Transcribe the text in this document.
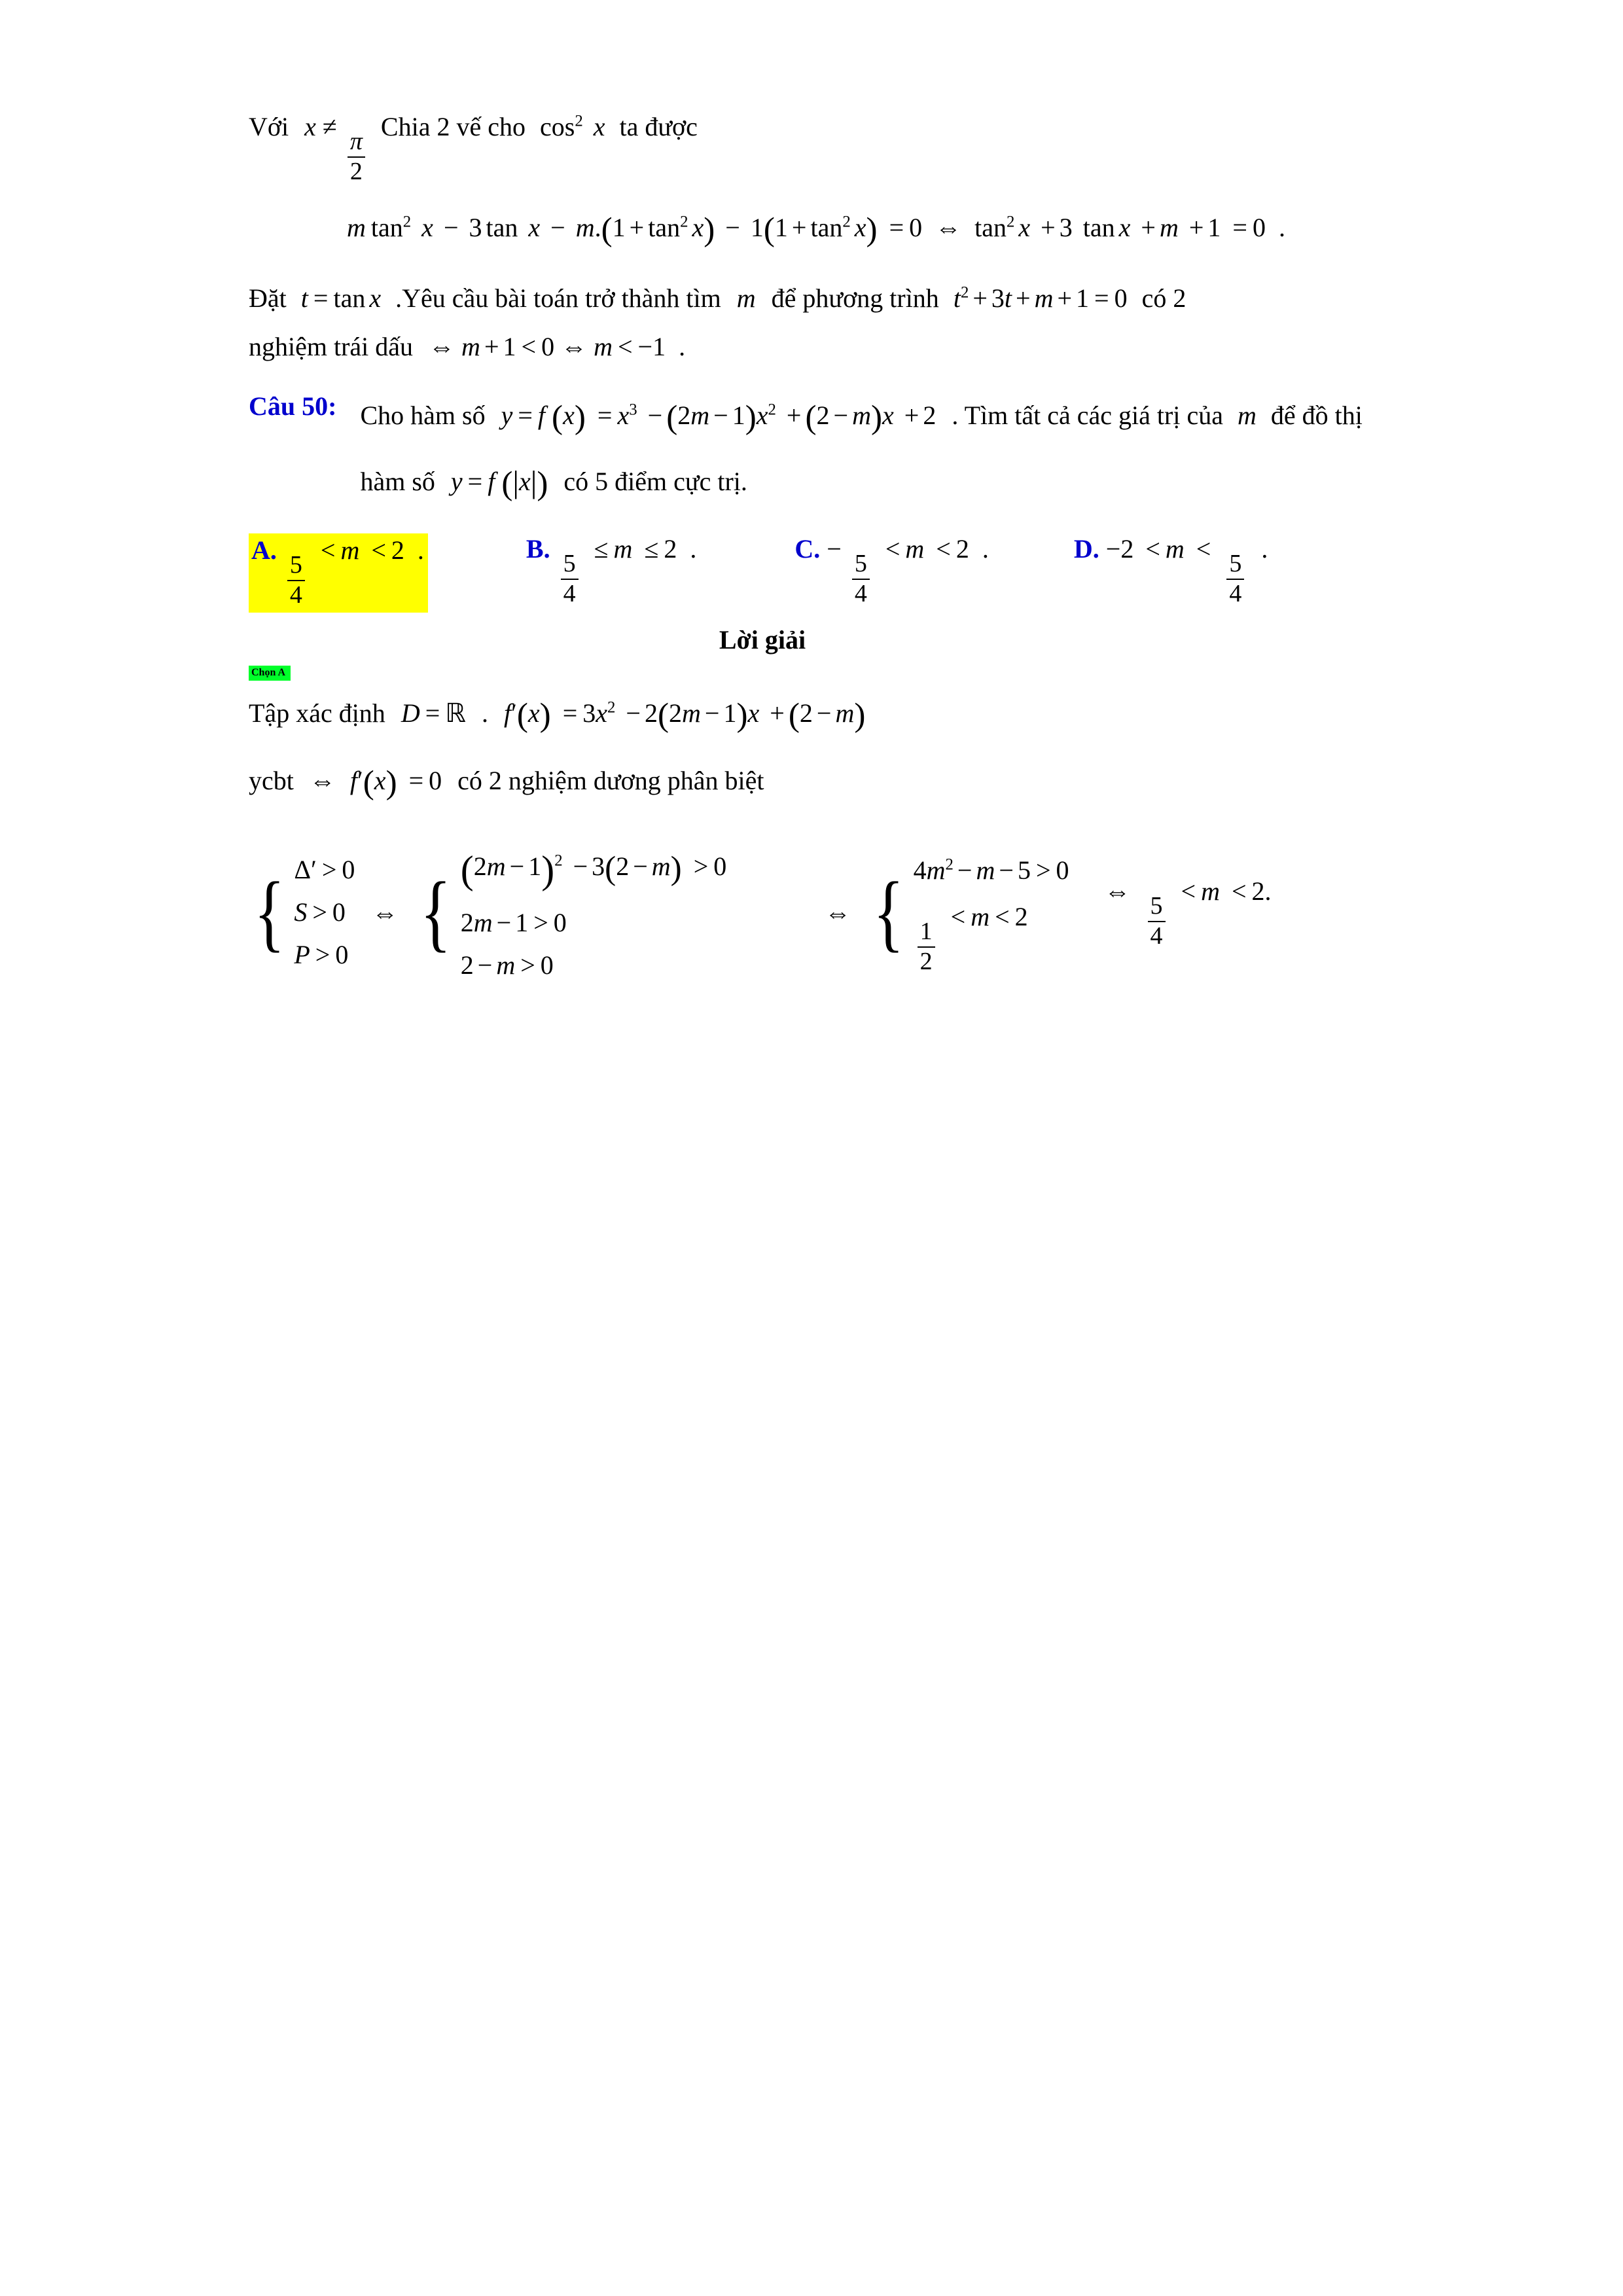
Với x ≠
$\frac{\pi}{2}$
Chia 2 vế cho $\cos^2 x$ ta được
m $\tan^2 x - 3$ $\tan x - m.(1 + \tan^2 x) - 1(1 + \tan^2 x) = 0$ ⇔ $\tan^2 x + 3$ tan x + m + 1 = 0 .
Đặt t = tan x .Yêu cầu bài toán trở thành tìm m để phương trình $t^2 + 3t + m + 1 = 0$ có 2
nghiệm trái dấu ⇔ m + 1 < 0 ⇔ m < −1 .
Câu 50: Cho hàm số y = f $(x) = x^3 - (2m - 1)x^2 + (2 - m)x + 2$ . Tìm tất cả các giá trị của m để đồ thị
hàm số y = f (|x|) có 5 điểm cực trị.
A.
$\frac{5}{4}$
< m < 2 .	B.
$\frac{5}{4}$
≤ m ≤ 2 .	C. −
$\frac{5}{4}$
< m < 2 .	D. −2 < m <
$\frac{5}{4}$
.
Lời giải
Chọn A
Tập xác định D = ℝ . $f'(x) = 3x^2 - 2(2m - 1)x + (2 - m)$
ycbt ⇔ f′(x) = 0 có 2 nghiệm dương phân biệt
{ Δ′ > 0
S > 0
P > 0
⇔ { $(2m - 1)^2 - 3(2 - m) > 0$
2m − 1 > 0
2 − m > 0
⇔ { $4m^2 - m - 5 > 0$
$\frac{1}{2}$
< m < 2
⇔
$\frac{5}{4}$
< m < 2.
